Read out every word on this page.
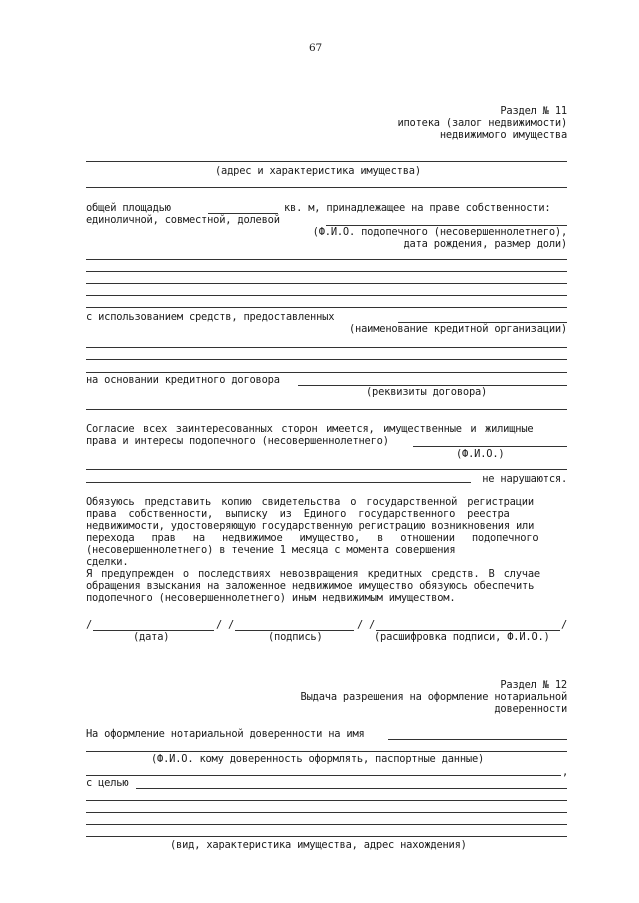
67
Раздел № 11
ипотека (залог недвижимости)
недвижимого имущества
(адрес и характеристика имущества)
общей площадью	кв. м, принадлежащее на праве собственности:
единоличной, совместной, долевой
(Ф.И.О. подопечного (несовершеннолетнего),
дата рождения, размер доли)
с использованием средств, предоставленных
(наименование кредитной организации)
на основании кредитного договора
(реквизиты договора)
Согласие всех заинтересованных сторон имеется, имущественные и жилищные
права и интересы подопечного (несовершеннолетнего)
(Ф.И.О.)
не нарушаются.
Обязуюсь представить копию свидетельства о государственной регистрации
права собственности, выписку из Единого государственного реестра
недвижимости, удостоверяющую государственную регистрацию возникновения или
перехода прав на недвижимое имущество, в отношении подопечного
(несовершеннолетнего) в течение 1 месяца с момента совершения
сделки.
Я предупрежден о последствиях невозвращения кредитных средств. В случае
обращения взыскания на заложенное недвижимое имущество обязуюсь обеспечить
подопечного (несовершеннолетнего) иным недвижимым имуществом.
/	/ /	/ /	/
(дата)	(подпись)	(расшифровка подписи, Ф.И.О.)
Раздел № 12
Выдача разрешения на оформление нотариальной
доверенности
На оформление нотариальной доверенности на имя
(Ф.И.О. кому доверенность оформлять, паспортные данные)
,
с целью
(вид, характеристика имущества, адрес нахождения)
